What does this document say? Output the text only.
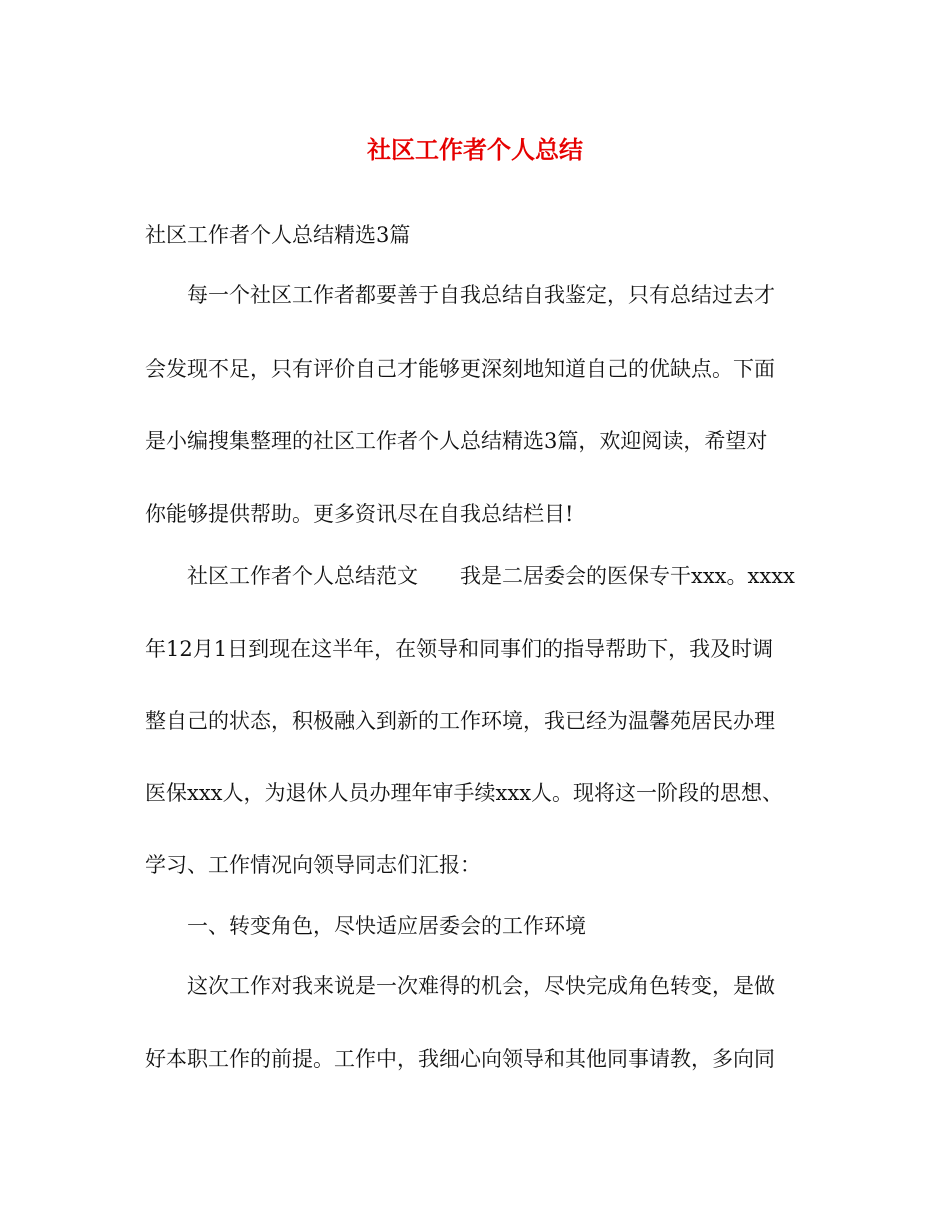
社区工作者个人总结

社区工作者个人总结精选3篇

每一个社区工作者都要善于自我总结自我鉴定，只有总结过去才

会发现不足，只有评价自己才能够更深刻地知道自己的优缺点。下面

是小编搜集整理的社区工作者个人总结精选3篇，欢迎阅读，希望对

你能够提供帮助。更多资讯尽在自我总结栏目!

社区工作者个人总结范文 我是二居委会的医保专干xxx。xxxx

年12月1日到现在这半年，在领导和同事们的指导帮助下，我及时调

整自己的状态，积极融入到新的工作环境，我已经为温馨苑居民办理

医保xxx人，为退休人员办理年审手续xxx人。现将这一阶段的思想、

学习、工作情况向领导同志们汇报：

一、转变角色，尽快适应居委会的工作环境

这次工作对我来说是一次难得的机会，尽快完成角色转变，是做

好本职工作的前提。工作中，我细心向领导和其他同事请教，多向同
